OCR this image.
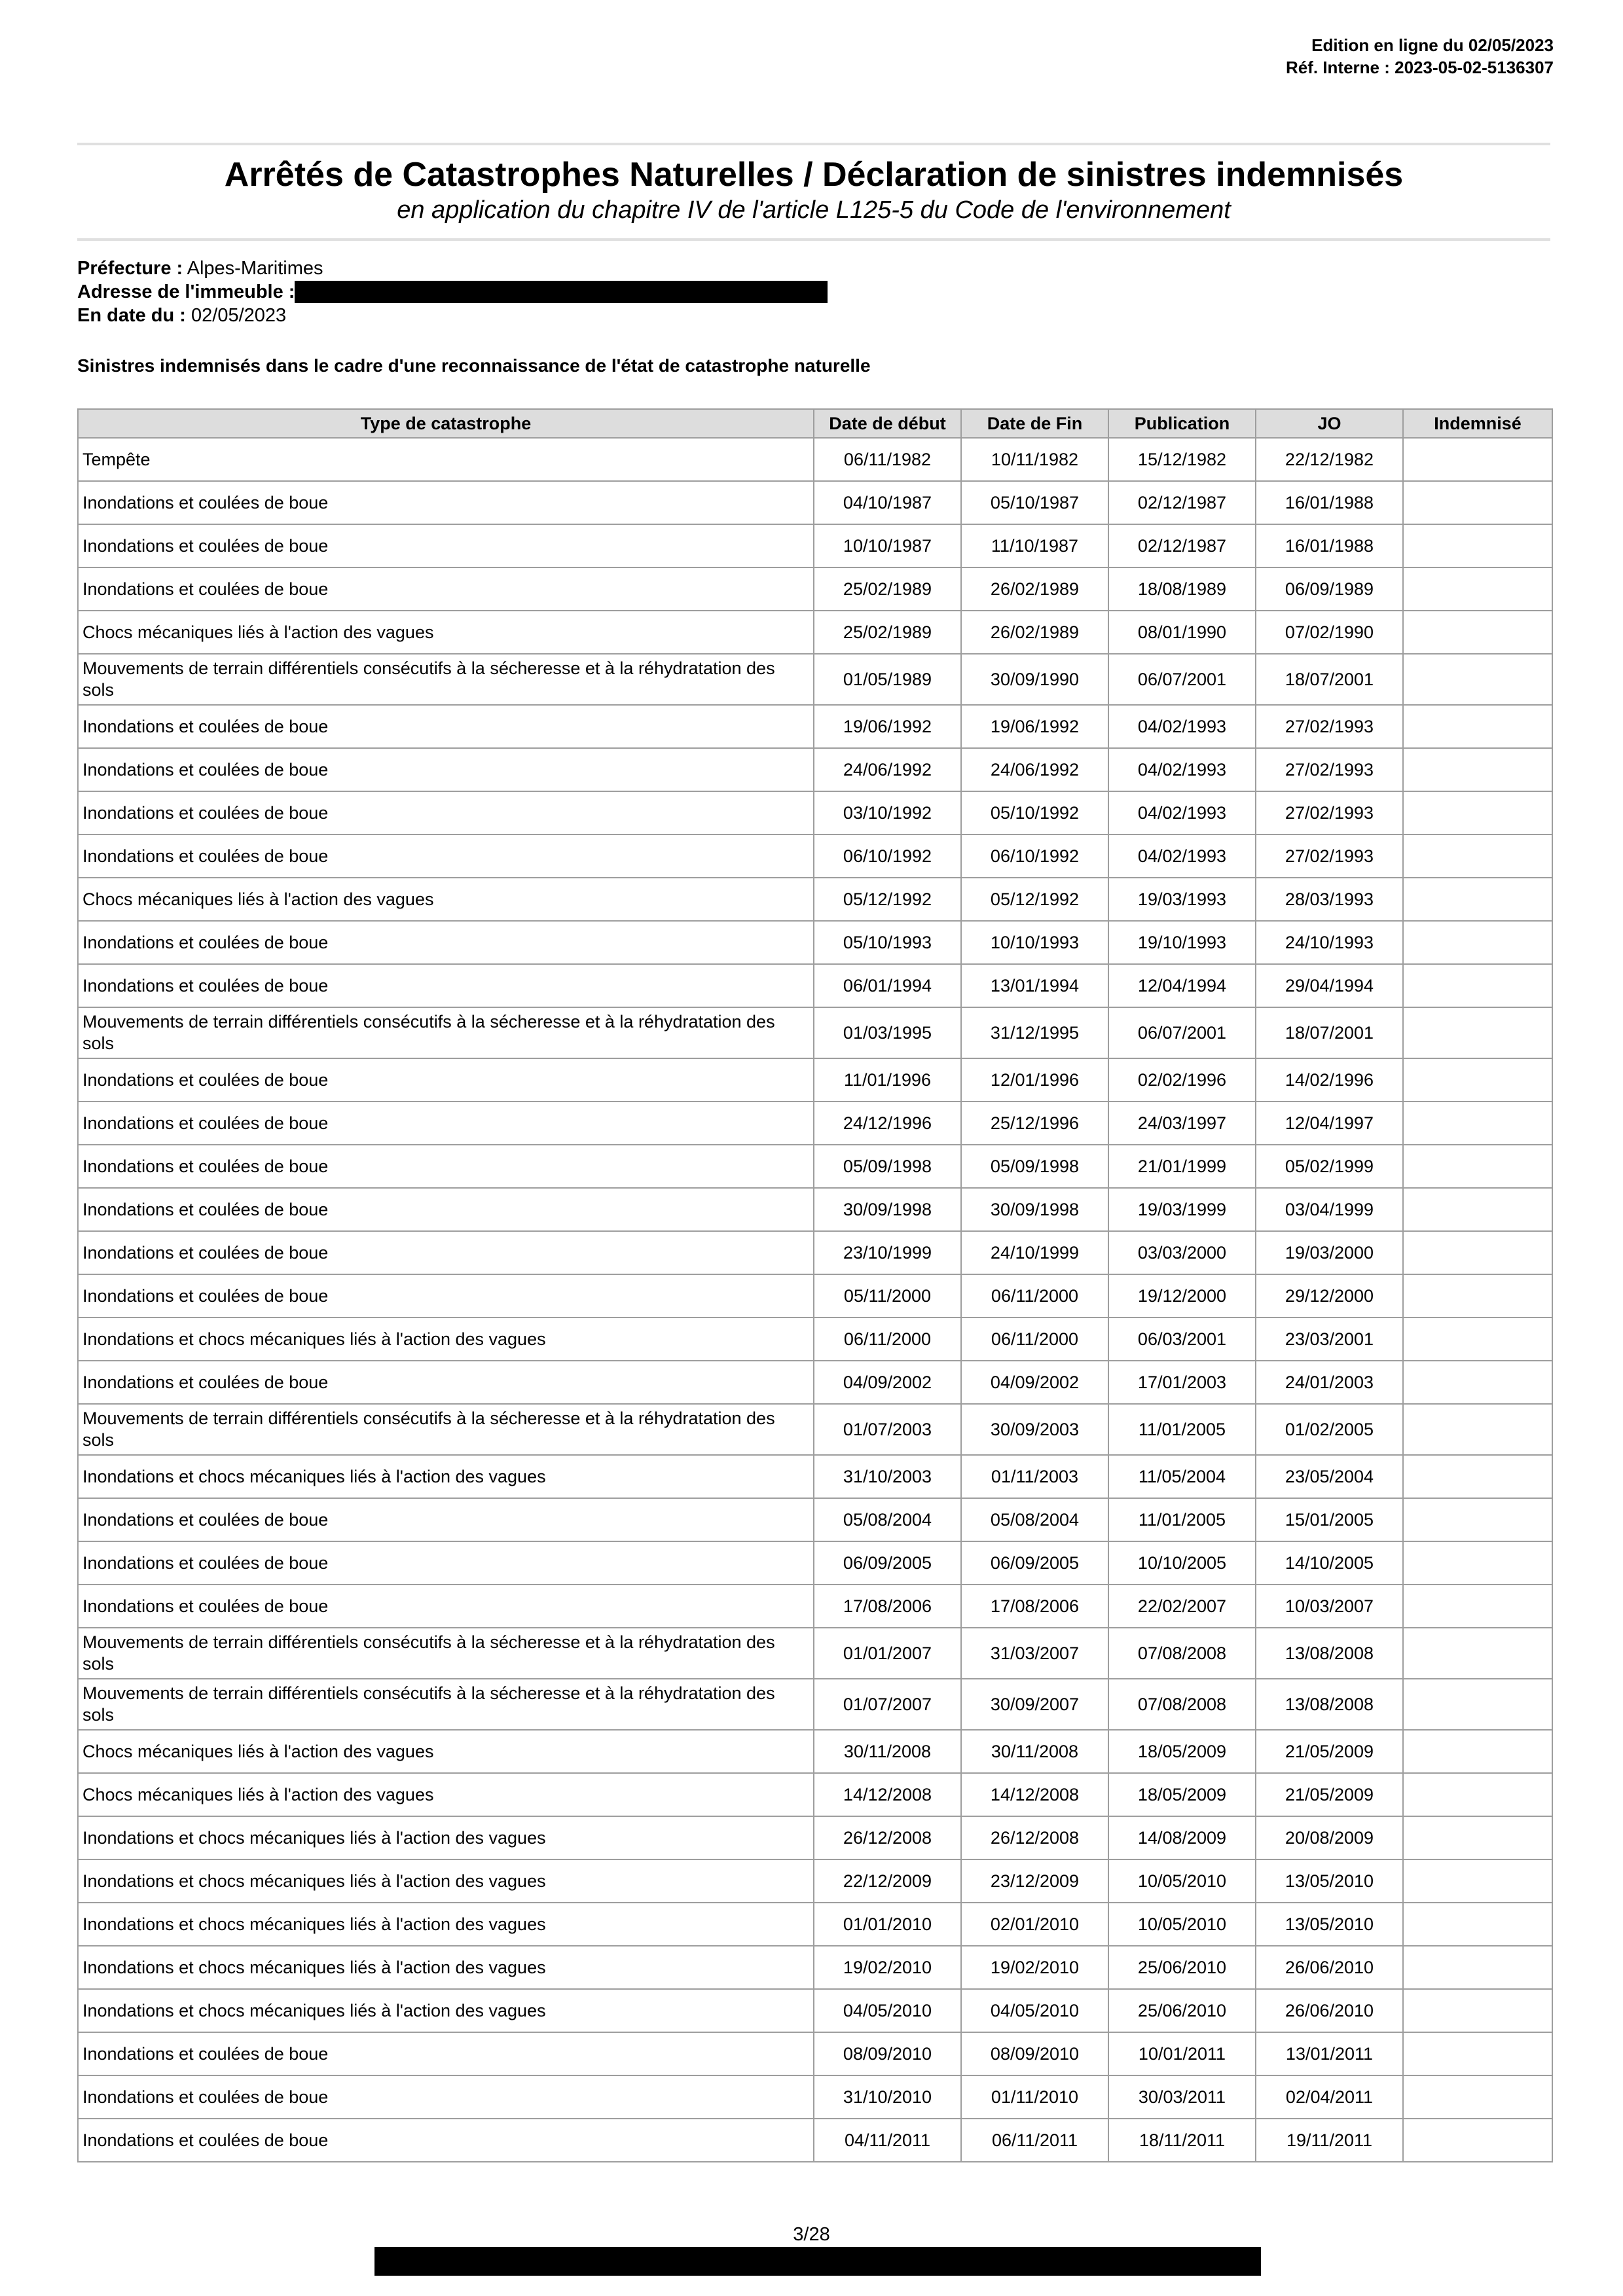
Edition en ligne du 02/05/2023
Réf. Interne : 2023-05-02-5136307
Arrêtés de Catastrophes Naturelles / Déclaration de sinistres indemnisés
en application du chapitre IV de l'article L125-5 du Code de l'environnement
Préfecture : Alpes-Maritimes
Adresse de l'immeuble :
En date du : 02/05/2023
Sinistres indemnisés dans le cadre d'une reconnaissance de l'état de catastrophe naturelle
Type de catastrophe	Date de début	Date de Fin	Publication	JO	Indemnisé
Tempête	06/11/1982	10/11/1982	15/12/1982	22/12/1982	
Inondations et coulées de boue	04/10/1987	05/10/1987	02/12/1987	16/01/1988	
Inondations et coulées de boue	10/10/1987	11/10/1987	02/12/1987	16/01/1988	
Inondations et coulées de boue	25/02/1989	26/02/1989	18/08/1989	06/09/1989	
Chocs mécaniques liés à l'action des vagues	25/02/1989	26/02/1989	08/01/1990	07/02/1990	
Mouvements de terrain différentiels consécutifs à la sécheresse et à la réhydratation des sols	01/05/1989	30/09/1990	06/07/2001	18/07/2001	
Inondations et coulées de boue	19/06/1992	19/06/1992	04/02/1993	27/02/1993	
Inondations et coulées de boue	24/06/1992	24/06/1992	04/02/1993	27/02/1993	
Inondations et coulées de boue	03/10/1992	05/10/1992	04/02/1993	27/02/1993	
Inondations et coulées de boue	06/10/1992	06/10/1992	04/02/1993	27/02/1993	
Chocs mécaniques liés à l'action des vagues	05/12/1992	05/12/1992	19/03/1993	28/03/1993	
Inondations et coulées de boue	05/10/1993	10/10/1993	19/10/1993	24/10/1993	
Inondations et coulées de boue	06/01/1994	13/01/1994	12/04/1994	29/04/1994	
Mouvements de terrain différentiels consécutifs à la sécheresse et à la réhydratation des sols	01/03/1995	31/12/1995	06/07/2001	18/07/2001	
Inondations et coulées de boue	11/01/1996	12/01/1996	02/02/1996	14/02/1996	
Inondations et coulées de boue	24/12/1996	25/12/1996	24/03/1997	12/04/1997	
Inondations et coulées de boue	05/09/1998	05/09/1998	21/01/1999	05/02/1999	
Inondations et coulées de boue	30/09/1998	30/09/1998	19/03/1999	03/04/1999	
Inondations et coulées de boue	23/10/1999	24/10/1999	03/03/2000	19/03/2000	
Inondations et coulées de boue	05/11/2000	06/11/2000	19/12/2000	29/12/2000	
Inondations et chocs mécaniques liés à l'action des vagues	06/11/2000	06/11/2000	06/03/2001	23/03/2001	
Inondations et coulées de boue	04/09/2002	04/09/2002	17/01/2003	24/01/2003	
Mouvements de terrain différentiels consécutifs à la sécheresse et à la réhydratation des sols	01/07/2003	30/09/2003	11/01/2005	01/02/2005	
Inondations et chocs mécaniques liés à l'action des vagues	31/10/2003	01/11/2003	11/05/2004	23/05/2004	
Inondations et coulées de boue	05/08/2004	05/08/2004	11/01/2005	15/01/2005	
Inondations et coulées de boue	06/09/2005	06/09/2005	10/10/2005	14/10/2005	
Inondations et coulées de boue	17/08/2006	17/08/2006	22/02/2007	10/03/2007	
Mouvements de terrain différentiels consécutifs à la sécheresse et à la réhydratation des sols	01/01/2007	31/03/2007	07/08/2008	13/08/2008	
Mouvements de terrain différentiels consécutifs à la sécheresse et à la réhydratation des sols	01/07/2007	30/09/2007	07/08/2008	13/08/2008	
Chocs mécaniques liés à l'action des vagues	30/11/2008	30/11/2008	18/05/2009	21/05/2009	
Chocs mécaniques liés à l'action des vagues	14/12/2008	14/12/2008	18/05/2009	21/05/2009	
Inondations et chocs mécaniques liés à l'action des vagues	26/12/2008	26/12/2008	14/08/2009	20/08/2009	
Inondations et chocs mécaniques liés à l'action des vagues	22/12/2009	23/12/2009	10/05/2010	13/05/2010	
Inondations et chocs mécaniques liés à l'action des vagues	01/01/2010	02/01/2010	10/05/2010	13/05/2010	
Inondations et chocs mécaniques liés à l'action des vagues	19/02/2010	19/02/2010	25/06/2010	26/06/2010	
Inondations et chocs mécaniques liés à l'action des vagues	04/05/2010	04/05/2010	25/06/2010	26/06/2010	
Inondations et coulées de boue	08/09/2010	08/09/2010	10/01/2011	13/01/2011	
Inondations et coulées de boue	31/10/2010	01/11/2010	30/03/2011	02/04/2011	
Inondations et coulées de boue	04/11/2011	06/11/2011	18/11/2011	19/11/2011	
3/28
